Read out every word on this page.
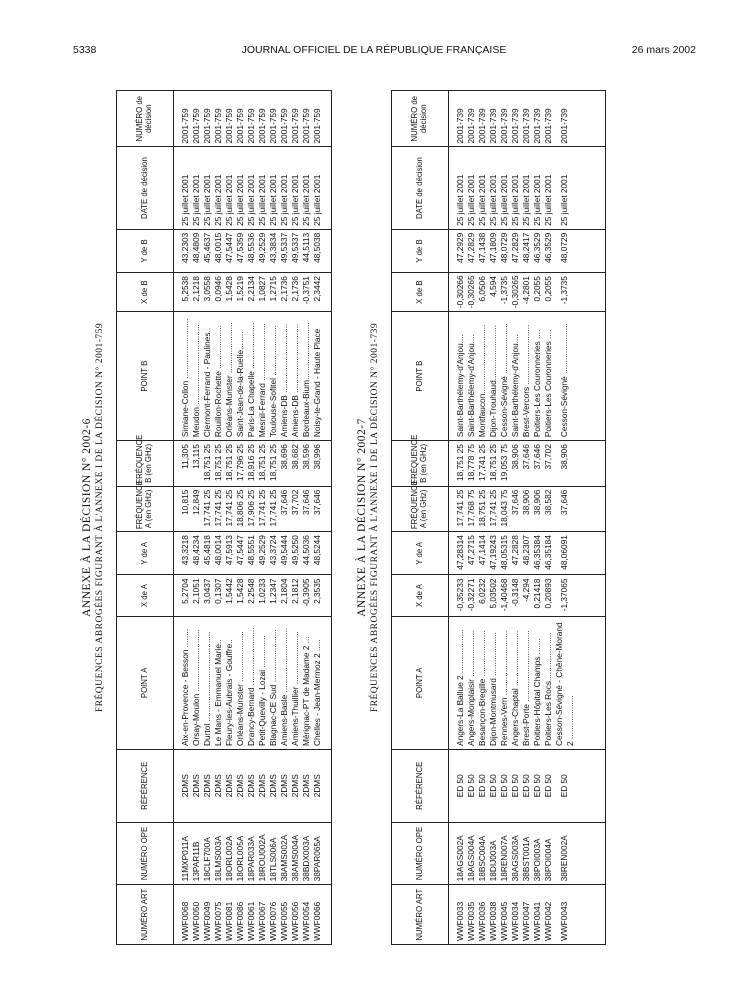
5338	JOURNAL OFFICIEL DE LA RÉPUBLIQUE FRANÇAISE	26 mars 2002
ANNEXE À LA DÉCISION N° 2002-6 FRÉQUENCES ABROGÉES FIGURANT À L'ANNEXE I DE LA DÉCISION N° 2001-759
NUMÉRO ART	NUMÉRO OPE	RÉFÉRENCE	POINT A	X de A	Y de A	FRÉQUENCE A (en GHz)	FRÉQUENCE B (en GHz)	POINT B	X de B	Y de B	DATE de décision	NUMÉRO de décision

WWF0068	11MXP011A	2DMS	Aix-en-Provence - Besson ........	5,2704	43,3218	10,815	11,305	Simiane-Collon ..........................	5,2538	43,2303	25 juillet 2001	2001-759
WWF0050	13PAR11B	2DMS	Orsay-Moulon ...........................	2,1051	48,4234	12,849	13,115	Meudon ...................................	2,1218	48,4809	25 juillet 2001	2001-759
WWF0049	18CLF700A	2DMS	Durtol .......................................	3,0437	45,4818	17,741 25	18,751 25	Clermont-Ferrand - Paulines..	3,0558	45,4637	25 juillet 2001	2001-759
WWF0075	18LMS003A	2DMS	Le Mans - Emmanuel Marie..	0,1307	48,0014	17,741 25	18,751 25	Rouillon-Rochette ...................	0,0946	48,0015	25 juillet 2001	2001-759
WWF0081	18ORL002A	2DMS	Fleury-les-Aubrais - Gouffre..	1,5442	47,5913	17,741 25	18,751 25	Orléans-Munster ......................	1,5428	47,5447	25 juillet 2001	2001-759
WWF0086	18ORL005A	2DMS	Orléans-Munster ......................	1,5428	47,5447	18,806 25	17,796 25	Saint-Jean-de-la-Ruelle........	1,5219	47,5359	25 juillet 2001	2001-759
WWF0061	18PAR033A	2DMS	Drancy-Bernard .........................	2,2548	48,5551	17,906 25	18,916 25	Paris-La Chapelle ....................	2,2134	48,5536	25 juillet 2001	2001-759
WWF0067	18ROU002A	2DMS	Petit-Quevilly - Lozai ..............	1,0233	49,2529	17,741 25	18,751 25	Mesnil-Ferrard .........................	1,0827	49,2529	25 juillet 2001	2001-759
WWF0076	18TLS006A	2DMS	Blagnac-CE Sud .......................	1,2347	43,3724	17,741 25	18,751 25	Toulouse-Sofitel ......................	1,2715	43,3834	25 juillet 2001	2001-759
WWF0055	38AMS002A	2DMS	Amiens-Basle ............................	2,1804	49,5444	37,646	38,696	Amiens-DB ..............................	2,1736	49,5337	25 juillet 2001	2001-759
WWF0056	38AMS004A	2DMS	Amiens-Thuillier .......................	2,1812	49,5250	37,702	38,682	Amiens-DB ..............................	2,1736	49,5337	25 juillet 2001	2001-759
WWF0054	38BDX003A	2DMS	Mérignac-PT de Madame 2 ...	-0,3905	44,5036	37,646	38,596	Bordeaux-Bium.........................	-0,3751	44,5113	25 juillet 2001	2001-759
WWF0066	38PAR065A	2DMS	Chelles - Jean-Mermoz 2 .....	2,3535	48,5244	37,646	38,996	Noisy-le-Grand - Haute Place	2,3442	48,5038	25 juillet 2001	2001-759

ANNEXE À LA DÉCISION N° 2002-7 FRÉQUENCES ABROGÉES FIGURANT À L'ANNEXE I DE LA DÉCISION N° 2001-739
NUMÉRO ART	NUMÉRO OPE	RÉFÉRENCE	POINT A	X de A	Y de A	FRÉQUENCE A (en GHz)	FRÉQUENCE B (en GHz)	POINT B	X de B	Y de B	DATE de décision	NUMÉRO de décision

WWF0033	18AGS002A	ED 50	Angers-La Ballue 2 ...................	-0,35233	47,28314	17,741 25	18,751 25	Saint-Barthélemy-d'Anjou....	-0,30266	47,2929	25 juillet 2001	2001-739
WWF0035	18AGS004A	ED 50	Angers-Monplaisir ....................	-0,32271	47,2715	17,768 75	18,778 75	Saint-Barthélemy-d'Anjou....	-0,30265	47,2829	25 juillet 2001	2001-739
WWF0036	18BSC004A	ED 50	Besançon-Bregille ....................	6,0232	47,1414	18,751 25	17,741 25	Montfaucon..............................	6,0506	47,1438	25 juillet 2001	2001-739
WWF0038	18DIJ003A	ED 50	Dijon-Montmusard ...................	5,03502	47,19243	17,741 25	18,751 25	Dijon-Trouhaud........................	4,594	47,1809	25 juillet 2001	2001-739
WWF0045	18REN007A	ED 50	Rennes-Vern ............................	-1,40468	48,05315	18,043 75	19,053 75	Cesson-Sévigné ......................	-1,3735	48,0729	25 juillet 2001	2001-739
WWF0034	38AGS003A	ED 50	Angers-Chaptal ........................	-0,3148	47,2828	37,646	38,906	Saint-Barthélemy-d'Anjou....	-0,30265	47,2829	25 juillet 2001	2001-739
WWF0047	38BST001A	ED 50	Brest-Porte ...............................	-4,294	48,2307	38,906	37,646	Brest-Vercors ..........................	-4,2801	48,2417	25 juillet 2001	2001-739
WWF0041	38POI003A	ED 50	Poitiers-Hôpital Champs .......	0,21418	46,35384	38,906	37,646	Poitiers-Les Couronneries ....	0,2055	46,3529	25 juillet 2001	2001-739
WWF0042	38POI004A	ED 50	Poitiers-Les Rocs.....................	0,20893	46,35184	38,582	37,702	Poitiers-Les Couronneries ....	0,2055	46,3529	25 juillet 2001	2001-739
WWF0043	38REN002A	ED 50	Cesson-Sévigné - Chêne-Morand 2 ...................	-1,37065	48,06091	37,646	38,906	Cesson-Sévigné ......................	-1,3735	48,0729	25 juillet 2001	2001-739
